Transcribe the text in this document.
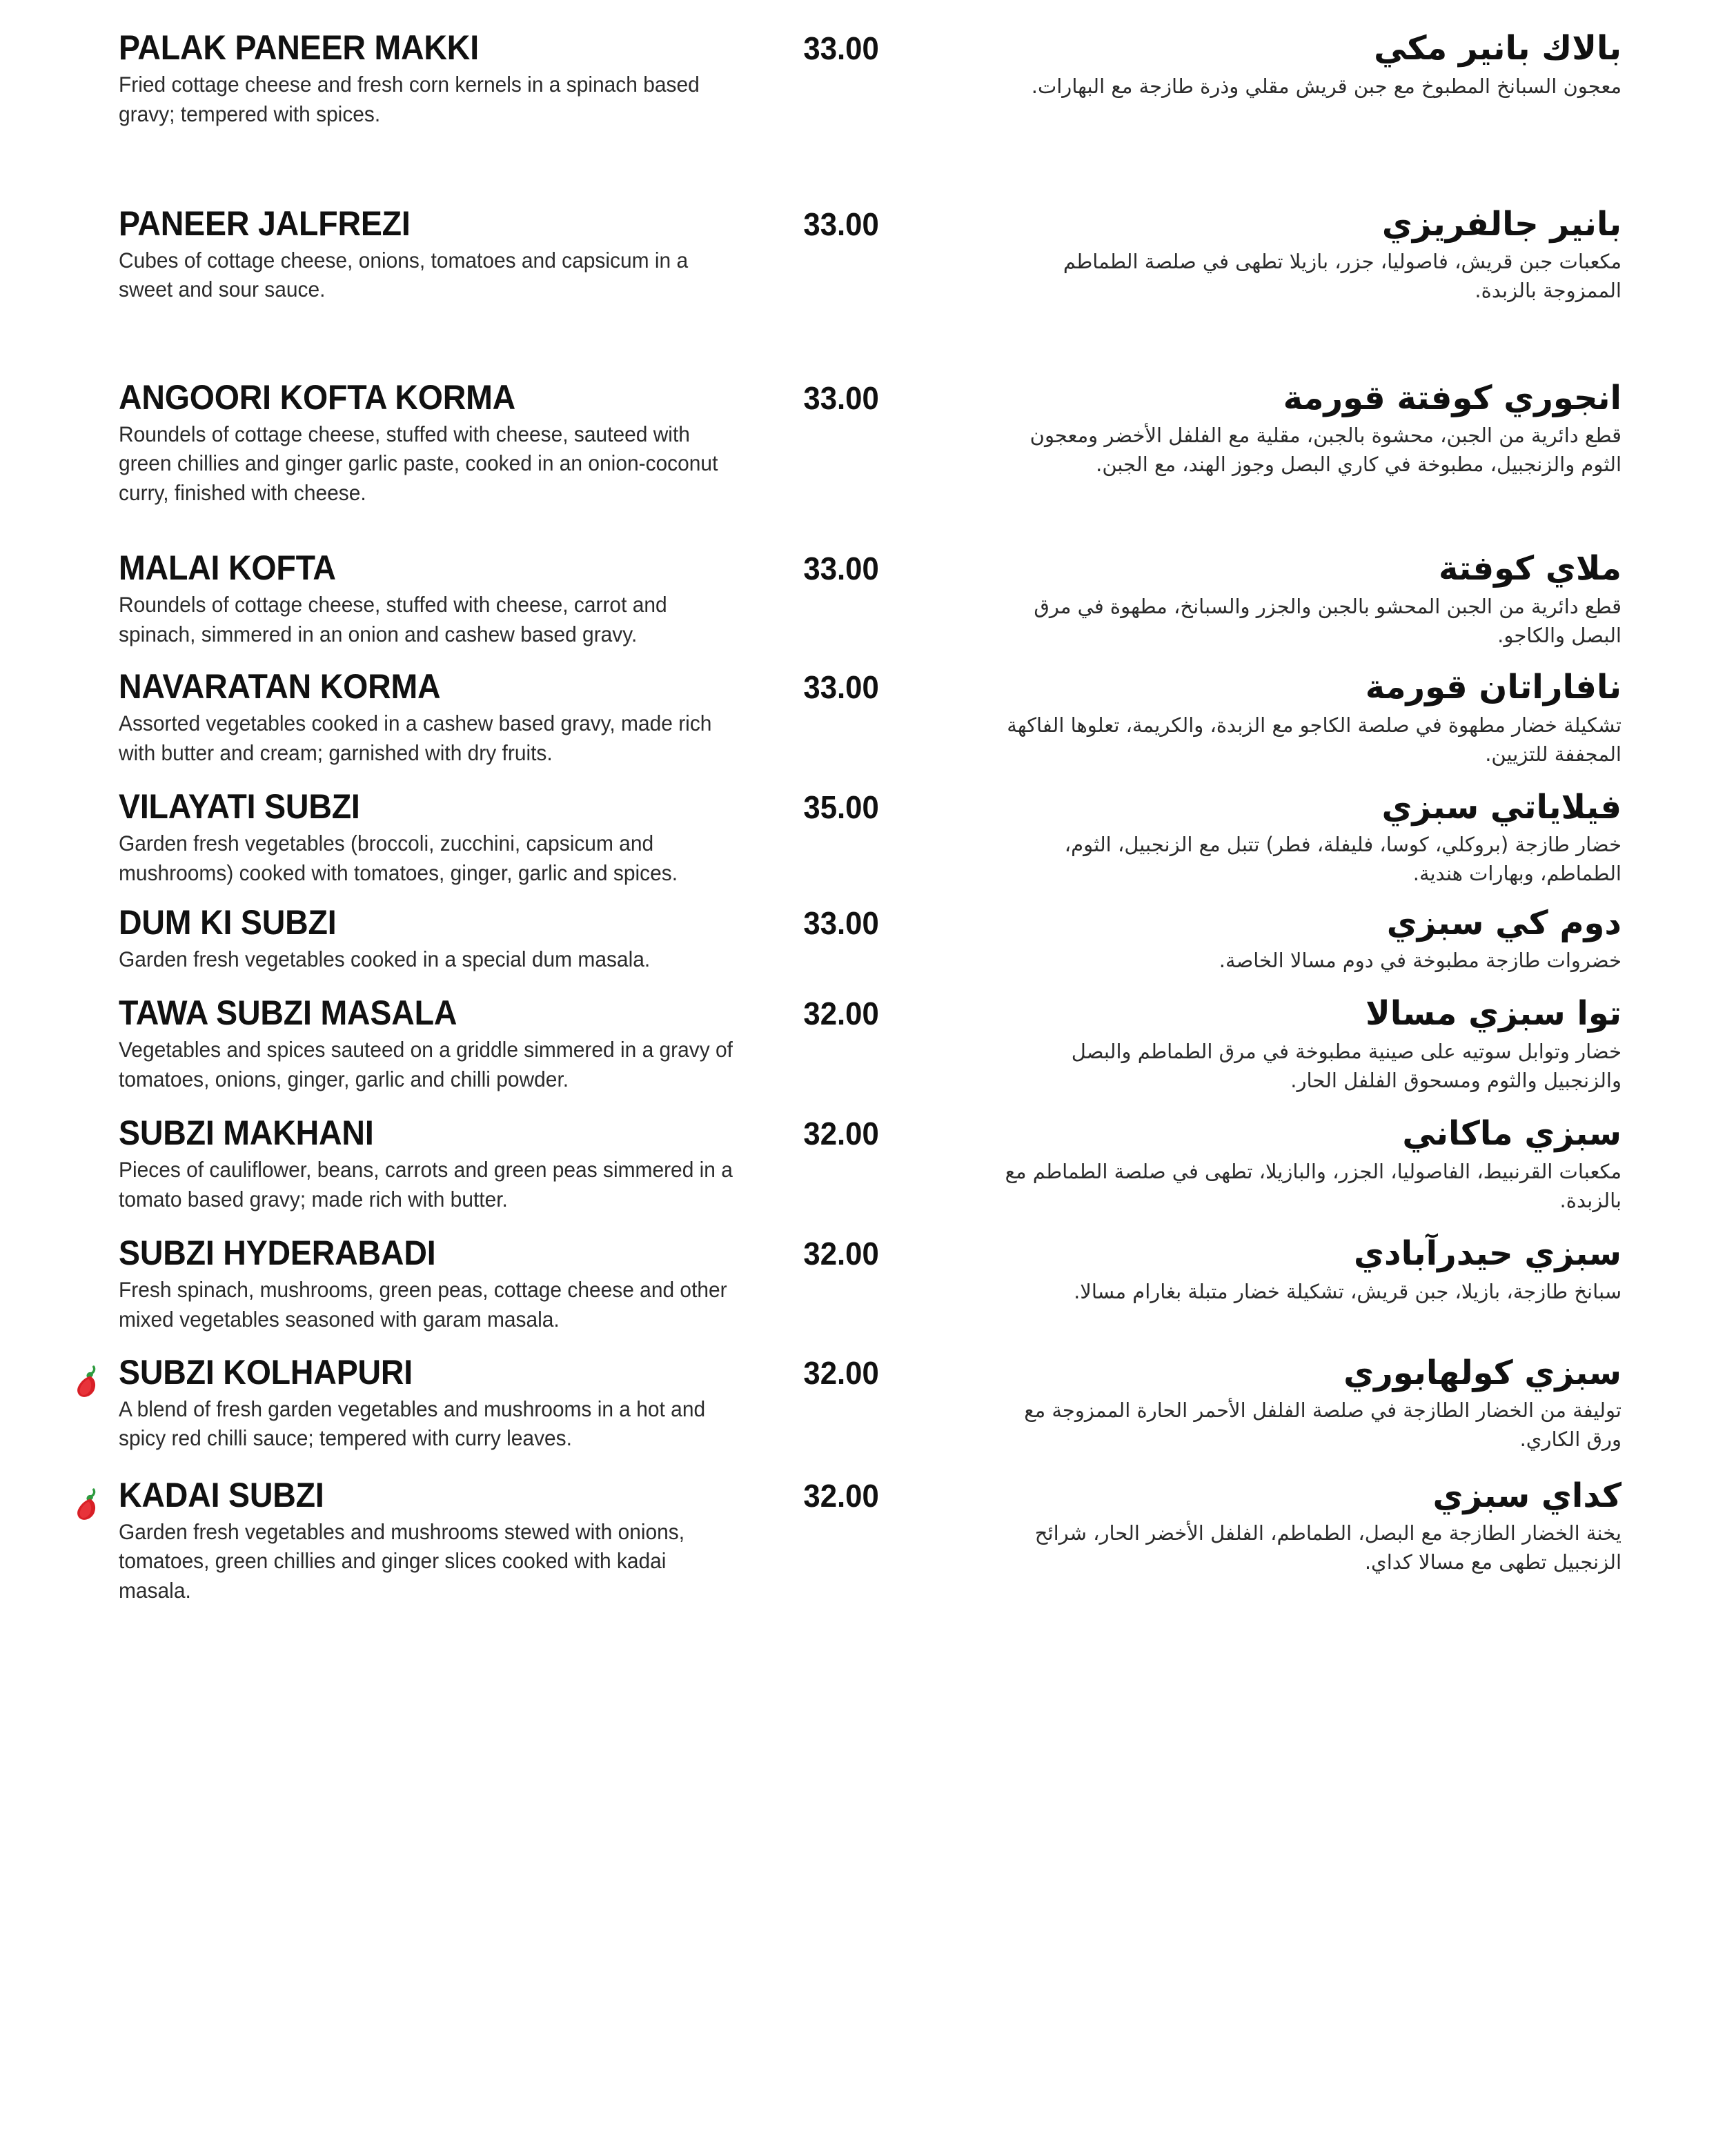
PALAK PANEER MAKKI

Fried cottage cheese and fresh corn kernels in a spinach based gravy; tempered with spices.

33.00	بالاك بانير مكي

معجون السبانخ المطبوخ مع جبن قريش مقلي وذرة طازجة مع البهارات.

PANEER JALFREZI

Cubes of cottage cheese, onions, tomatoes and capsicum in a sweet and sour sauce.

33.00	بانير جالفريزي

مكعبات جبن قريش، فاصوليا، جزر، بازيلا تطهى في صلصة الطماطم الممزوجة بالزبدة.

ANGOORI KOFTA KORMA

Roundels of cottage cheese, stuffed with cheese, sauteed with green chillies and ginger garlic paste, cooked in an onion-coconut curry, finished with cheese.

33.00	انجوري كوفتة قورمة

قطع دائرية من الجبن، محشوة بالجبن، مقلية مع الفلفل الأخضر ومعجون الثوم والزنجبيل، مطبوخة في كاري البصل وجوز الهند، مع الجبن.

MALAI KOFTA

Roundels of cottage cheese, stuffed with cheese, carrot and spinach, simmered in an onion and cashew based gravy.

33.00	ملاي كوفتة

قطع دائرية من الجبن المحشو بالجبن والجزر والسبانخ، مطهوة في مرق البصل والكاجو.

NAVARATAN KORMA

Assorted vegetables cooked in a cashew based gravy, made rich with butter and cream; garnished with dry fruits.

33.00	نافاراتان قورمة

تشكيلة خضار مطهوة في صلصة الكاجو مع الزبدة، والكريمة، تعلوها الفاكهة المجففة للتزيين.

VILAYATI SUBZI

Garden fresh vegetables (broccoli, zucchini, capsicum and mushrooms) cooked with tomatoes, ginger, garlic and spices.

35.00	فيلاياتي سبزي

خضار طازجة (بروكلي، كوسا، فليفلة، فطر) تتبل مع الزنجبيل، الثوم، الطماطم، وبهارات هندية.

DUM KI SUBZI

Garden fresh vegetables cooked in a special dum masala.

33.00	دوم كي سبزي

خضروات طازجة مطبوخة في دوم مسالا الخاصة.

TAWA SUBZI MASALA

Vegetables and spices sauteed on a griddle simmered in a gravy of tomatoes, onions, ginger, garlic and chilli powder.

32.00	توا سبزي مسالا

خضار وتوابل سوتيه على صينية مطبوخة في مرق الطماطم والبصل والزنجبيل والثوم ومسحوق الفلفل الحار.

SUBZI MAKHANI

Pieces of cauliflower, beans, carrots and green peas simmered in a tomato based gravy; made rich with butter.

32.00	سبزي ماكاني

مكعبات القرنبيط، الفاصوليا، الجزر، والبازيلا، تطهى في صلصة الطماطم مع بالزبدة.

SUBZI HYDERABADI

Fresh spinach, mushrooms, green peas, cottage cheese and other mixed vegetables seasoned with garam masala.

32.00	سبزي حيدرآبادي

سبانخ طازجة، بازيلا، جبن قريش، تشكيلة خضار متبلة بغارام مسالا.

SUBZI KOLHAPURI

A blend of fresh garden vegetables and mushrooms in a hot and spicy red chilli sauce; tempered with curry leaves.

32.00	سبزي كولهابوري

توليفة من الخضار الطازجة في صلصة الفلفل الأحمر الحارة الممزوجة مع ورق الكاري.

KADAI SUBZI

Garden fresh vegetables and mushrooms stewed with onions, tomatoes, green chillies and ginger slices cooked with kadai masala.

32.00	كداي سبزي

يخنة الخضار الطازجة مع البصل، الطماطم، الفلفل الأخضر الحار، شرائح الزنجبيل تطهى مع مسالا كداي.
